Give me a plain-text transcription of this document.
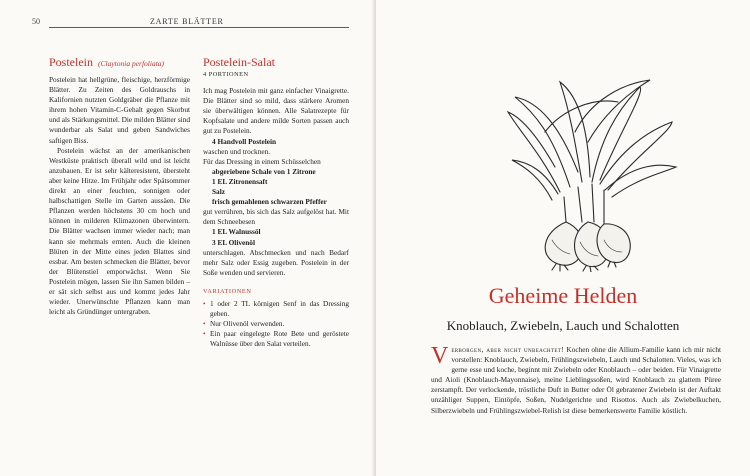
50	ZARTE BLÄTTER
Postelein (Claytonia perfoliata)

Postelein hat hellgrüne, fleischige, herzförmige Blätter. Zu Zeiten des Goldrauschs in Kalifornien nutzten Goldgräber die Pflanze mit ihrem hohen Vitamin-C-Gehalt gegen Skorbut und als Stärkungsmittel. Die milden Blätter sind wunderbar als Salat und geben Sandwiches saftigen Biss.

Postelein wächst an der amerikanischen Westküste praktisch überall wild und ist leicht anzubauen. Er ist sehr kälteresistent, übersteht aber keine Hitze. Im Frühjahr oder Spätsommer direkt an einer feuchten, sonnigen oder halbschattigen Stelle im Garten aussäen. Die Pflanzen werden höchstens 30 cm hoch und können in milderen Klimazonen überwintern. Die Blätter wachsen immer wieder nach; man kann sie mehrmals ernten. Auch die kleinen Blüten in der Mitte eines jeden Blattes sind essbar. Am besten schmecken die Blätter, bevor der Blütenstiel emporwächst. Wenn Sie Postelein mögen, lassen Sie ihn Samen bilden – er sät sich selbst aus und kommt jedes Jahr wieder. Unerwünschte Pflanzen kann man leicht als Gründünger untergraben.

Postelein-Salat
4 PORTIONEN

Ich mag Postelein mit ganz einfacher Vinaigrette. Die Blätter sind so mild, dass stärkere Aromen sie überwältigen können. Alle Salatrezepte für Kopfsalate und andere milde Sorten passen auch gut zu Postelein.

4 Handvoll Postelein
waschen und trocknen.
Für das Dressing in einem Schüsselchen
abgeriebene Schale von 1 Zitrone
1 EL Zitronensaft
Salz
frisch gemahlenen schwarzen Pfeffer
gut verrühren, bis sich das Salz aufgelöst hat. Mit dem Schneebesen
1 EL Walnussöl
3 EL Olivenöl
unterschlagen. Abschmecken und nach Bedarf mehr Salz oder Essig zugeben. Postelein in der Soße wenden und servieren.
VARIATIONEN
• 1 oder 2 TL körnigen Senf in das Dressing geben.
• Nur Olivenöl verwenden.
• Ein paar eingelegte Rote Bete und geröstete Walnüsse über den Salat verteilen.
Geheime Helden
Knoblauch, Zwiebeln, Lauch und Schalotten
Verborgen, aber nicht unbeachtet! Kochen ohne die Allium-Familie kann ich mir nicht vorstellen: Knoblauch, Zwiebeln, Frühlingszwiebeln, Lauch und Schalotten. Vieles, was ich gerne esse und koche, beginnt mit Zwiebeln oder Knoblauch – oder beiden. Für Vinaigrette und Aioli (Knoblauch-Mayonnaise), meine Lieblingssoßen, wird Knoblauch zu glattem Püree zerstampft. Der verlockende, tröstliche Duft in Butter oder Öl gebratener Zwiebeln ist der Auftakt unzähliger Suppen, Eintöpfe, Soßen, Nudelgerichte und Risottos. Auch als Zwiebelkuchen, Silberzwiebeln und Frühlingszwiebel-Relish ist diese bemerkenswerte Familie köstlich.
